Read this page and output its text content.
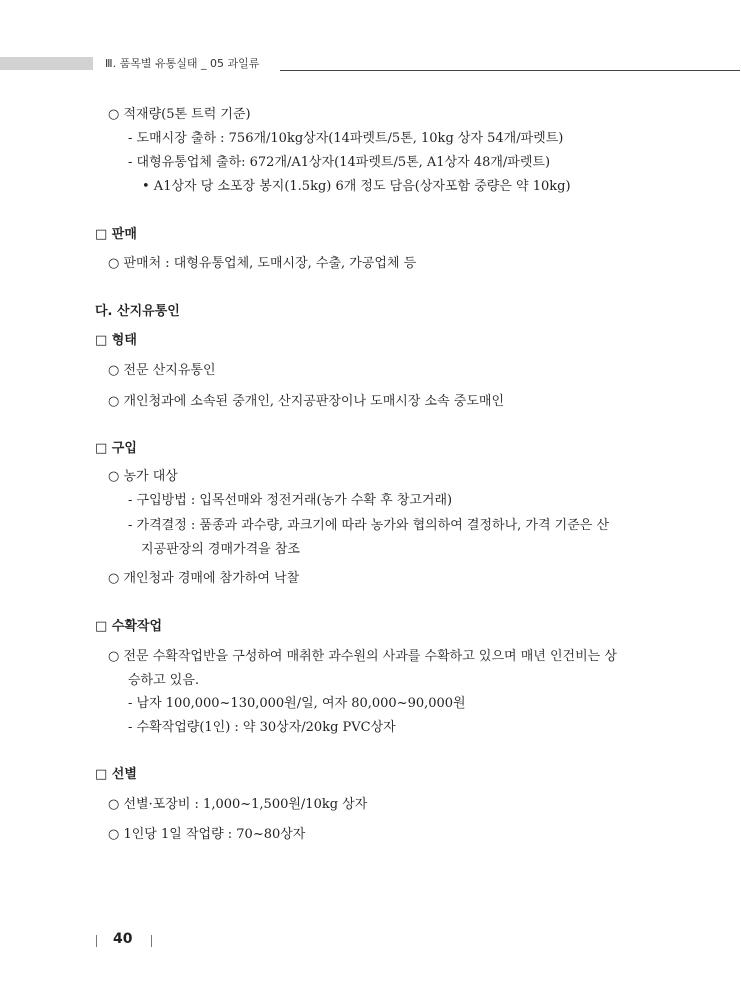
Ⅲ. 품목별 유통실태 _ 05 과일류
○ 적재량(5톤 트럭 기준)
- 도매시장 출하 : 756개/10kg상자(14파렛트/5톤, 10kg 상자 54개/파렛트)
- 대형유통업체 출하: 672개/A1상자(14파렛트/5톤, A1상자 48개/파렛트)
• A1상자 당 소포장 봉지(1.5kg) 6개 정도 담음(상자포함 중량은 약 10kg)
□ 판매
○ 판매처 : 대형유통업체, 도매시장, 수출, 가공업체 등
다. 산지유통인
□ 형태
○ 전문 산지유통인
○ 개인청과에 소속된 중개인, 산지공판장이나 도매시장 소속 중도매인
□ 구입
○ 농가 대상
- 구입방법 : 입목선매와 정전거래(농가 수확 후 창고거래)
- 가격결정 : 품종과 과수량, 과크기에 따라 농가와 협의하여 결정하나, 가격 기준은 산
지공판장의 경매가격을 참조
○ 개인청과 경매에 참가하여 낙찰
□ 수확작업
○ 전문 수확작업반을 구성하여 매취한 과수원의 사과를 수확하고 있으며 매년 인건비는 상
승하고 있음.
- 남자 100,000~130,000원/일, 여자 80,000~90,000원
- 수확작업량(1인) : 약 30상자/20kg PVC상자
□ 선별
○ 선별·포장비 : 1,000~1,500원/10kg 상자
○ 1인당 1일 작업량 : 70~80상자
40
